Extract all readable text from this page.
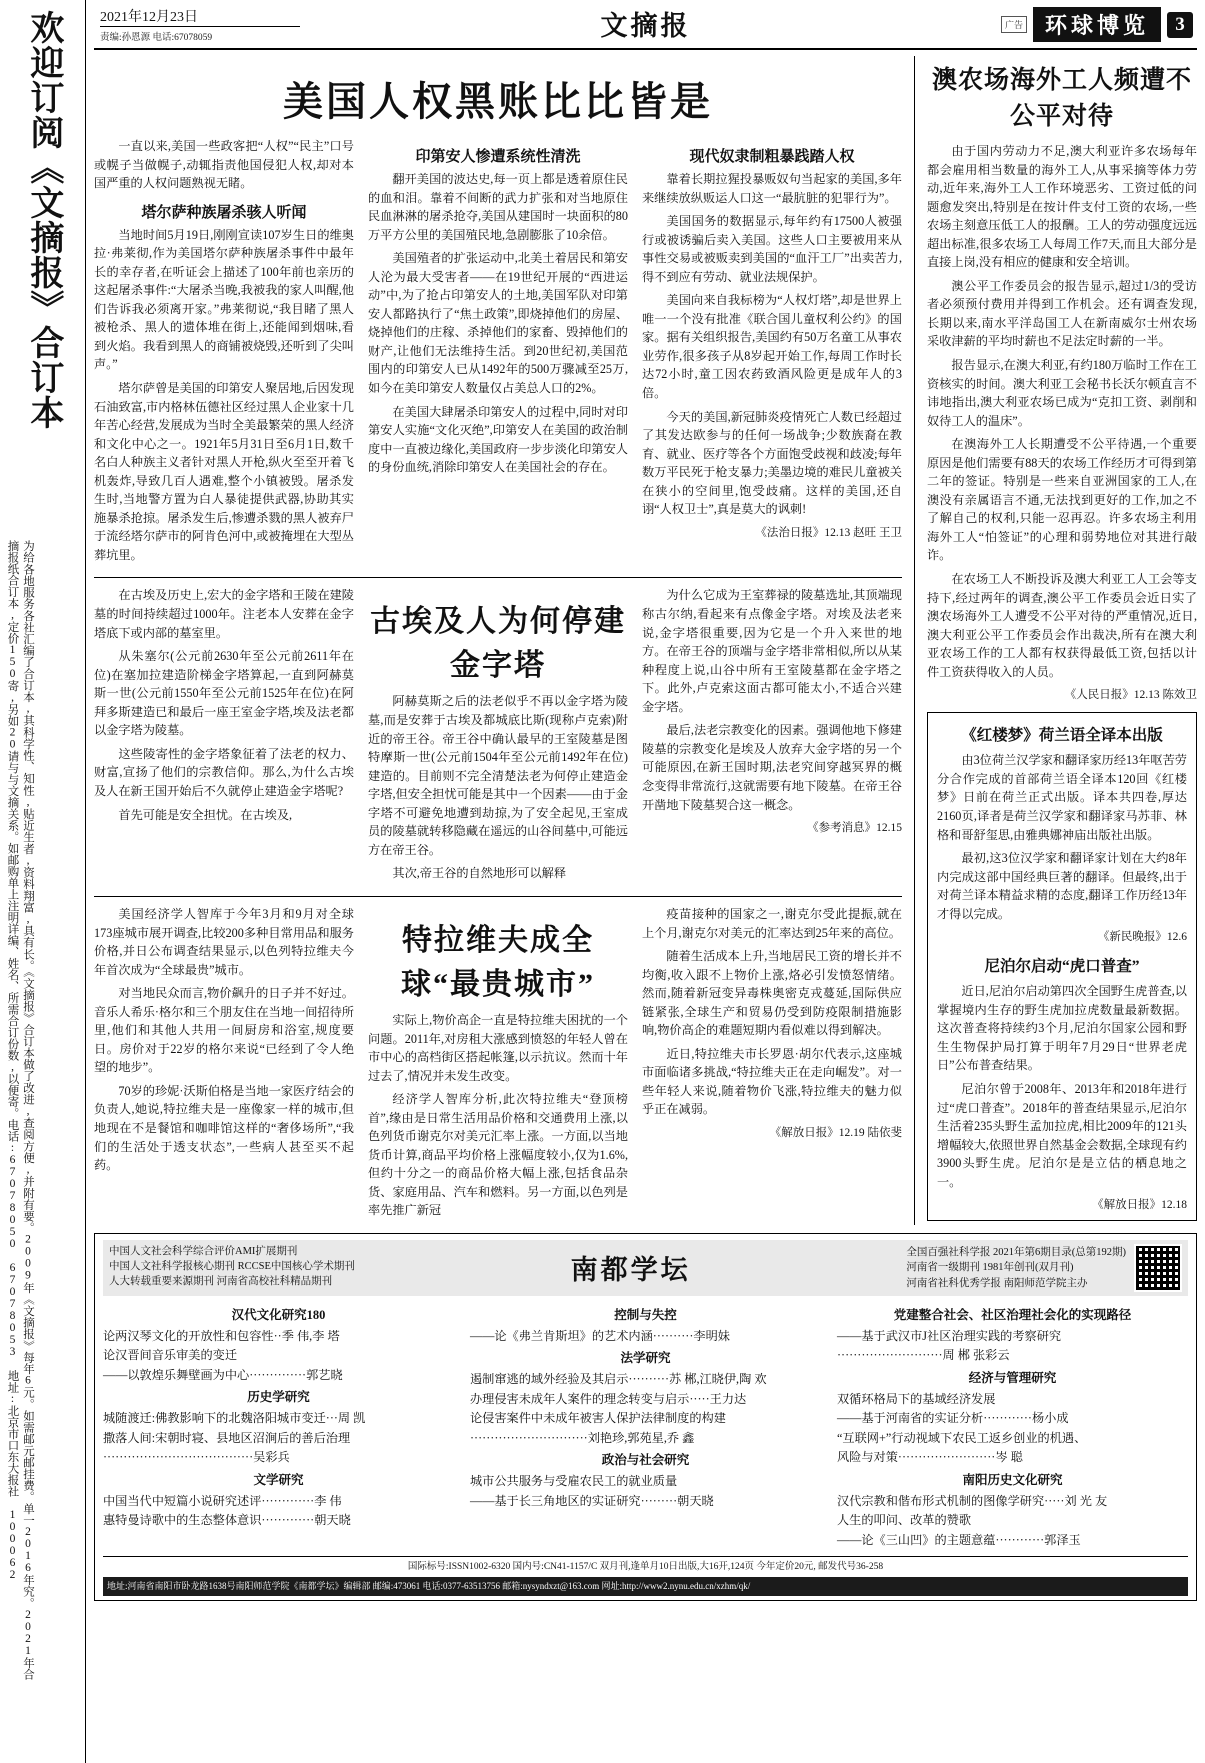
欢迎订阅《文摘报》合订本
为给各地服务各社汇编了合订本,其科学性、知性,贴近生者,资料翔富,具有长。《文摘报》合订本做了改进,查阅方便,并附有要。2009年《文摘报》每年6元。如需邮元邮挂费。单一2016年究。2021年合摘报纸合订本,定价150寄,另如20请与与文摘关系。如邮购单上注明详编、姓名、所需合订份数,以便寄。电话:67078050 67078053 地址:北京市口东大报社 100062
2021年12月23日
责编:孙恩源 电话:67078059	文摘报	广告	环球博览	3
美国人权黑账比比皆是

一直以来,美国一些政客把“人权”“民主”口号或幌子当做幌子,动辄指责他国侵犯人权,却对本国严重的人权问题熟视无睹。

塔尔萨种族屠杀骇人听闻

当地时间5月19日,刚刚宣读107岁生日的维奥拉·弗莱彻,作为美国塔尔萨种族屠杀事件中最年长的幸存者,在听证会上描述了100年前也亲历的这起屠杀事件:“大屠杀当晚,我被我的家人叫醒,他们告诉我必须离开家。”弗莱彻说,“我目睹了黑人被枪杀、黑人的遗体堆在街上,还能闻到烟味,看到火焰。我看到黑人的商铺被烧毁,还听到了尖叫声。”

塔尔萨曾是美国的印第安人聚居地,后因发现石油致富,市内格林伍德社区经过黑人企业家十几年苦心经营,发展成为当时全美最繁荣的黑人经济和文化中心之一。1921年5月31日至6月1日,数千名白人种族主义者针对黑人开枪,纵火至至开着飞机轰炸,导致几百人遇难,整个小镇被毁。屠杀发生时,当地警方置为白人暴徒提供武器,协助其实施暴杀抢掠。屠杀发生后,惨遭杀戮的黑人被弃尸于流经塔尔萨市的阿肯色河中,或被掩埋在大型丛葬坑里。

印第安人惨遭系统性清洗

翻开美国的波达史,每一页上都是透着原住民的血和泪。靠着不间断的武力扩张和对当地原住民血淋淋的屠杀抢夺,美国从建国时一块面积的80万平方公里的美国殖民地,急剧膨胀了10余倍。

美国殖者的扩张运动中,北美土着居民和第安人沦为最大受害者——在19世纪开展的“西进运动”中,为了抢占印第安人的土地,美国军队对印第安人都路执行了“焦土政策”,即烧掉他们的房屋、烧掉他们的庄稼、杀掉他们的家畜、毁掉他们的财产,让他们无法维持生活。到20世纪初,美国范围内的印第安人已从1492年的500万骤减至25万,如今在美印第安人数量仅占美总人口的2%。

在美国大肆屠杀印第安人的过程中,同时对印第安人实施“文化灭绝”,印第安人在美国的政治制度中一直被边缘化,美国政府一步步淡化印第安人的身份血统,消除印第安人在美国社会的存在。

现代奴隶制粗暴践踏人权

靠着长期拉猩投暴贩奴句当起家的美国,多年来继续放纵贩运人口这一“最肮脏的犯罪行为”。

美国国务的数据显示,每年约有17500人被强行或被诱骗后卖入美国。这些人口主要被用来从事性交易或被贩卖到美国的“血汗工厂”出卖苦力,得不到应有劳动、就业法规保护。

美国向来自我标榜为“人权灯塔”,却是世界上唯一一个没有批准《联合国儿童权利公约》的国家。据有关组织报告,美国约有50万名童工从事农业劳作,很多孩子从8岁起开始工作,每周工作时长达72小时,童工因农药致酒风险更是成年人的3倍。

今天的美国,新冠肺炎疫情死亡人数已经超过了其发达欧参与的任何一场战争;少数族裔在教育、就业、医疗等各个方面饱受歧视和歧凌;每年数万平民死于枪支暴力;美墨边境的难民儿童被关在狭小的空间里,饱受歧痛。这样的美国,还自诩“人权卫士”,真是莫大的讽刺!

《法治日报》12.13 赵旺 王卫

在古埃及历史上,宏大的金字塔和王陵在建陵墓的时间持续超过1000年。注老本人安葬在金字塔底下或内部的墓室里。

从朱塞尔(公元前2630年至公元前2611年在位)在塞加拉建造阶梯金字塔算起,一直到阿赫莫斯一世(公元前1550年至公元前1525年在位)在阿拜多斯建造已和最后一座王室金字塔,埃及法老都以金字塔为陵墓。

这些陵寄性的金字塔象征着了法老的权力、财富,宣扬了他们的宗教信仰。那么,为什么古埃及人在新王国开始后不久就停止建造金字塔呢?

首先可能是安全担忧。在古埃及,

古埃及人为何停建金字塔

阿赫莫斯之后的法老似乎不再以金字塔为陵墓,而是安葬于古埃及都城底比斯(现称卢克索)附近的帝王谷。帝王谷中确认最早的王室陵墓是图特摩斯一世(公元前1504年至公元前1492年在位)建造的。目前则不完全清楚法老为何停止建造金字塔,但安全担忧可能是其中一个因素——由于金字塔不可避免地遭到劫掠,为了安全起见,王室成员的陵墓就转移隐藏在遥远的山谷间墓中,可能远方在帝王谷。

其次,帝王谷的自然地形可以解释

为什么它成为王室葬禄的陵墓选址,其顶端现称古尔纳,看起来有点像金字塔。对埃及法老来说,金字塔很重要,因为它是一个升入来世的地方。在帝王谷的顶端与金字塔非常相似,所以从某种程度上说,山谷中所有王室陵墓都在金字塔之下。此外,卢克索这面古都可能太小,不适合兴建金字塔。

最后,法老宗教变化的因素。强调他地下修建陵墓的宗教变化是埃及人放弃大金字塔的另一个可能原因,在新王国时期,法老究间穿越冥界的概念变得非常流行,这就需要有地下陵墓。在帝王谷开凿地下陵墓契合这一概念。

《参考消息》12.15

美国经济学人智库于今年3月和9月对全球173座城市展开调查,比较200多种目常用品和服务价格,并日公布调查结果显示,以色列特拉维夫今年首次成为“全球最贵”城市。

对当地民众而言,物价飙升的日子并不好过。音乐人希乐·格尔和三个朋友住在当地一间招待所里,他们和其他人共用一间厨房和浴室,规度要日。房价对于22岁的格尔来说“已经到了令人绝望的地步”。

70岁的珍妮·沃斯伯格是当地一家医疗结会的负责人,她说,特拉维夫是一座像家一样的城市,但地现在不是餐馆和咖啡馆这样的“奢侈场所”,“我们的生活处于透支状态”,一些病人甚至买不起药。

特拉维夫成全球“最贵城市”

实际上,物价高企一直是特拉维夫困扰的一个问题。2011年,对房租大涨感到愤怒的年轻人曾在市中心的高档街区搭起帐篷,以示抗议。然而十年过去了,情况并未发生改变。

经济学人智库分析,此次特拉维夫“登顶榜首”,缘由是日常生活用品价格和交通费用上涨,以色列货币谢克尔对美元汇率上涨。一方面,以当地货币计算,商品平均价格上涨幅度较小,仅为1.6%,但约十分之一的商品价格大幅上涨,包括食品杂货、家庭用品、汽车和燃料。另一方面,以色列是率先推广新冠

疫苗接种的国家之一,谢克尔受此提振,就在上个月,谢克尔对美元的汇率达到25年来的高位。

随着生活成本上升,当地居民工资的增长并不均衡,收入跟不上物价上涨,烙必引发愤怒情绪。然而,随着新冠变异毒株奥密克戎蔓延,国际供应链紧张,全球生产和贸易仍受到防疫限制措施影响,物价高企的难题短期内看似难以得到解决。

近日,特拉维夫市长罗恩·胡尔代表示,这座城市面临诸多挑战,“特拉维夫正在走向崛发”。对一些年轻人来说,随着物价飞涨,特拉维夫的魅力似乎正在减弱。

《解放日报》12.19 陆依斐
澳农场海外工人频遭不公平对待

由于国内劳动力不足,澳大利亚许多农场每年都会雇用相当数量的海外工人,从事采摘等体力劳动,近年来,海外工人工作环境恶劣、工资过低的问题愈发突出,特别是在按计件支付工资的农场,一些农场主刻意压低工人的报酬。工人的劳动强度远远超出标准,很多农场工人每周工作7天,而且大部分是直接上岗,没有相应的健康和安全培训。

澳公平工作委员会的报告显示,超过1/3的受访者必须预付费用并得到工作机会。还有调查发现,长期以来,南水平洋岛国工人在新南威尔士州农场采收津薪的平均时薪也不足法定时薪的一半。

报告显示,在澳大利亚,有约180万临时工作在工资核实的时间。澳大利亚工会秘书长沃尔顿直言不讳地指出,澳大利亚农场已成为“克扣工资、剥削和奴待工人的温床”。

在澳海外工人长期遭受不公平待遇,一个重要原因是他们需要有88天的农场工作经历才可得到第二年的签证。特别是一些来自亚洲国家的工人,在澳没有亲属语言不通,无法找到更好的工作,加之不了解自己的权利,只能一忍再忍。许多农场主利用海外工人“怕签证”的心理和弱势地位对其进行敲诈。

在农场工人不断投诉及澳大利亚工人工会等支持下,经过两年的调查,澳公平工作委员会近日实了澳农场海外工人遭受不公平对待的严重情况,近日,澳大利亚公平工作委员会作出裁决,所有在澳大利亚农场工作的工人都有权获得最低工资,包括以计件工资获得收入的人员。

《人民日报》12.13 陈效卫
《红楼梦》荷兰语全译本出版

由3位荷兰汉学家和翻译家历经13年呕苦劳分合作完成的首部荷兰语全译本120回《红楼梦》日前在荷兰正式出版。译本共四卷,厚达2160页,译者是荷兰汉学家和翻译家马苏菲、林格和哥舒玺思,由雅典娜神庙出版社出版。

最初,这3位汉学家和翻译家计划在大约8年内完成这部中国经典巨著的翻译。但最终,出于对荷兰译本精益求精的态度,翻译工作历经13年才得以完成。

《新民晚报》12.6
尼泊尔启动“虎口普查”

近日,尼泊尔启动第四次全国野生虎普查,以掌握境内生存的野生虎加拉虎数量最新数据。这次普查将持续约3个月,尼泊尔国家公园和野生生物保护局打算于明年7月29日“世界老虎日”公布普查结果。

尼泊尔曾于2008年、2013年和2018年进行过“虎口普查”。2018年的普查结果显示,尼泊尔生活着235头野生孟加拉虎,相比2009年的121头增幅较大,依照世界自然基金会数据,全球现有约3900头野生虎。尼泊尔是是立估的栖息地之一。

《解放日报》12.18
中国人文社会科学综合评价AMI扩展期刊
中国人文社科学报核心期刊 RCCSE中国核心学术期刊
人大转载重要来源期刊 河南省高校社科精品期刊	南都学坛
全国百强社科学报 2021年第6期目录(总第192期)
河南省一级期刊 1981年创刊(双月刊)
河南省社科优秀学报 南阳师范学院主办
汉代文化研究180

论两汉琴文化的开放性和包容性··季 伟,李 塔

论汉晋间音乐审美的变迁

——以敦煌乐舞壁画为中心··············郭艺晓

历史学研究

城随渡迁:佛教影响下的北魏洛阳城市变迁···周 凯

撒落人间:宋朝时寝、县地区沼涧后的善后治理

·····································吴彩兵

文学研究

中国当代中短篇小说研究述评·············李 伟

惠特曼诗歌中的生态整体意识·············朝天晓

控制与失控

——论《弗兰肯斯坦》的艺术内涵··········李明妹

法学研究

遏制窜逃的域外经验及其启示··········苏 郴,江晓伊,陶 欢

办理侵害未成年人案件的理念转变与启示·····王力达

论侵害案件中未成年被害人保护法律制度的构建

·····························刘艳珍,郭苑星,乔 鑫

政治与社会研究

城市公共服务与受雇农民工的就业质量

——基于长三角地区的实证研究·········朝天晓

党建整合社会、社区治理社会化的实现路径

——基于武汉市J社区治理实践的考察研究

··························周 郴 张彩云

经济与管理研究

双循环格局下的基域经济发展

——基于河南省的实证分析············杨小成

“互联网+”行动视域下农民工返乡创业的机遇、

风险与对策························岑 聪

南阳历史文化研究

汉代宗教和偕布形式机制的图像学研究·····刘 光 友

人生的叩问、改革的赞歌

——论《三山凹》的主题意蕴············郭泽玉

国际标号:ISSN1002-6320 国内号:CN41-1157/C 双月刊,逢单月10日出版,大16开,124页 今年定价20元, 邮发代号36-258
地址:河南省南阳市卧龙路1638号南阳师范学院《南都学坛》编辑部 邮编:473061 电话:0377-63513756 邮箱:nysyndxzt@163.com 网址:http://www2.nynu.edu.cn/xzhm/qk/
